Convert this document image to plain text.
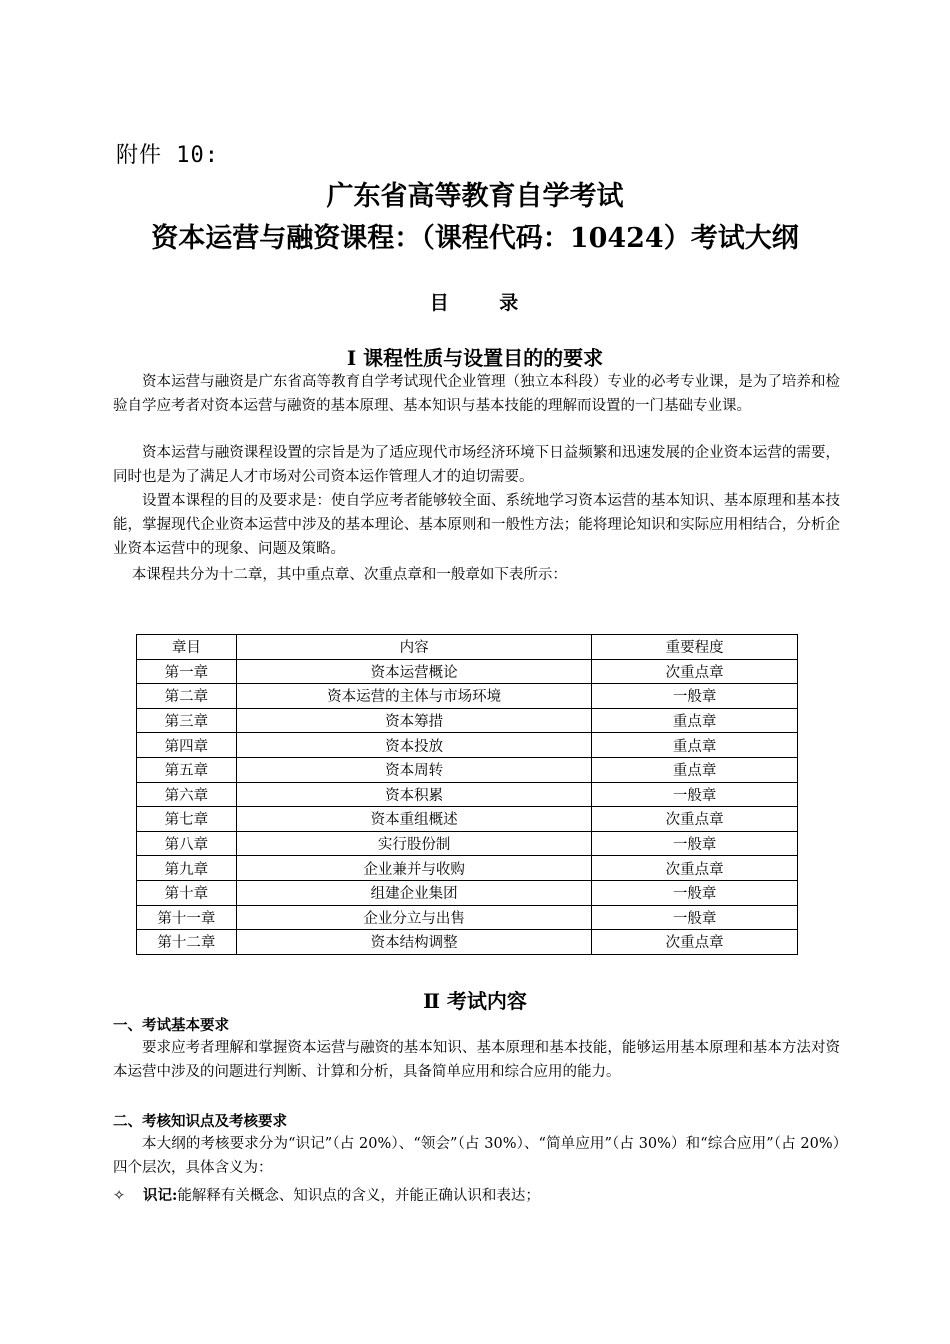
附件 10:
广东省高等教育自学考试
资本运营与融资课程：（课程代码：10424）考试大纲
目 录
Ⅰ 课程性质与设置目的的要求
资本运营与融资是广东省高等教育自学考试现代企业管理（独立本科段）专业的必考专业课，是为了培养和检验自学应考者对资本运营与融资的基本原理、基本知识与基本技能的理解而设置的一门基础专业课。
资本运营与融资课程设置的宗旨是为了适应现代市场经济环境下日益频繁和迅速发展的企业资本运营的需要，同时也是为了满足人才市场对公司资本运作管理人才的迫切需要。
设置本课程的目的及要求是：使自学应考者能够较全面、系统地学习资本运营的基本知识、基本原理和基本技能，掌握现代企业资本运营中涉及的基本理论、基本原则和一般性方法；能将理论知识和实际应用相结合，分析企业资本运营中的现象、问题及策略。
本课程共分为十二章，其中重点章、次重点章和一般章如下表所示：
章目	内容	重要程度
第一章	资本运营概论	次重点章
第二章	资本运营的主体与市场环境	一般章
第三章	资本筹措	重点章
第四章	资本投放	重点章
第五章	资本周转	重点章
第六章	资本积累	一般章
第七章	资本重组概述	次重点章
第八章	实行股份制	一般章
第九章	企业兼并与收购	次重点章
第十章	组建企业集团	一般章
第十一章	企业分立与出售	一般章
第十二章	资本结构调整	次重点章
Ⅱ 考试内容
一、考试基本要求
要求应考者理解和掌握资本运营与融资的基本知识、基本原理和基本技能，能够运用基本原理和基本方法对资本运营中涉及的问题进行判断、计算和分析，具备简单应用和综合应用的能力。
二、考核知识点及考核要求
本大纲的考核要求分为“识记”（占 20%）、“领会”（占 30%）、“简单应用”（占 30%）和“综合应用”（占 20%）四个层次，具体含义为：
✧ 识记:能解释有关概念、知识点的含义，并能正确认识和表达；
